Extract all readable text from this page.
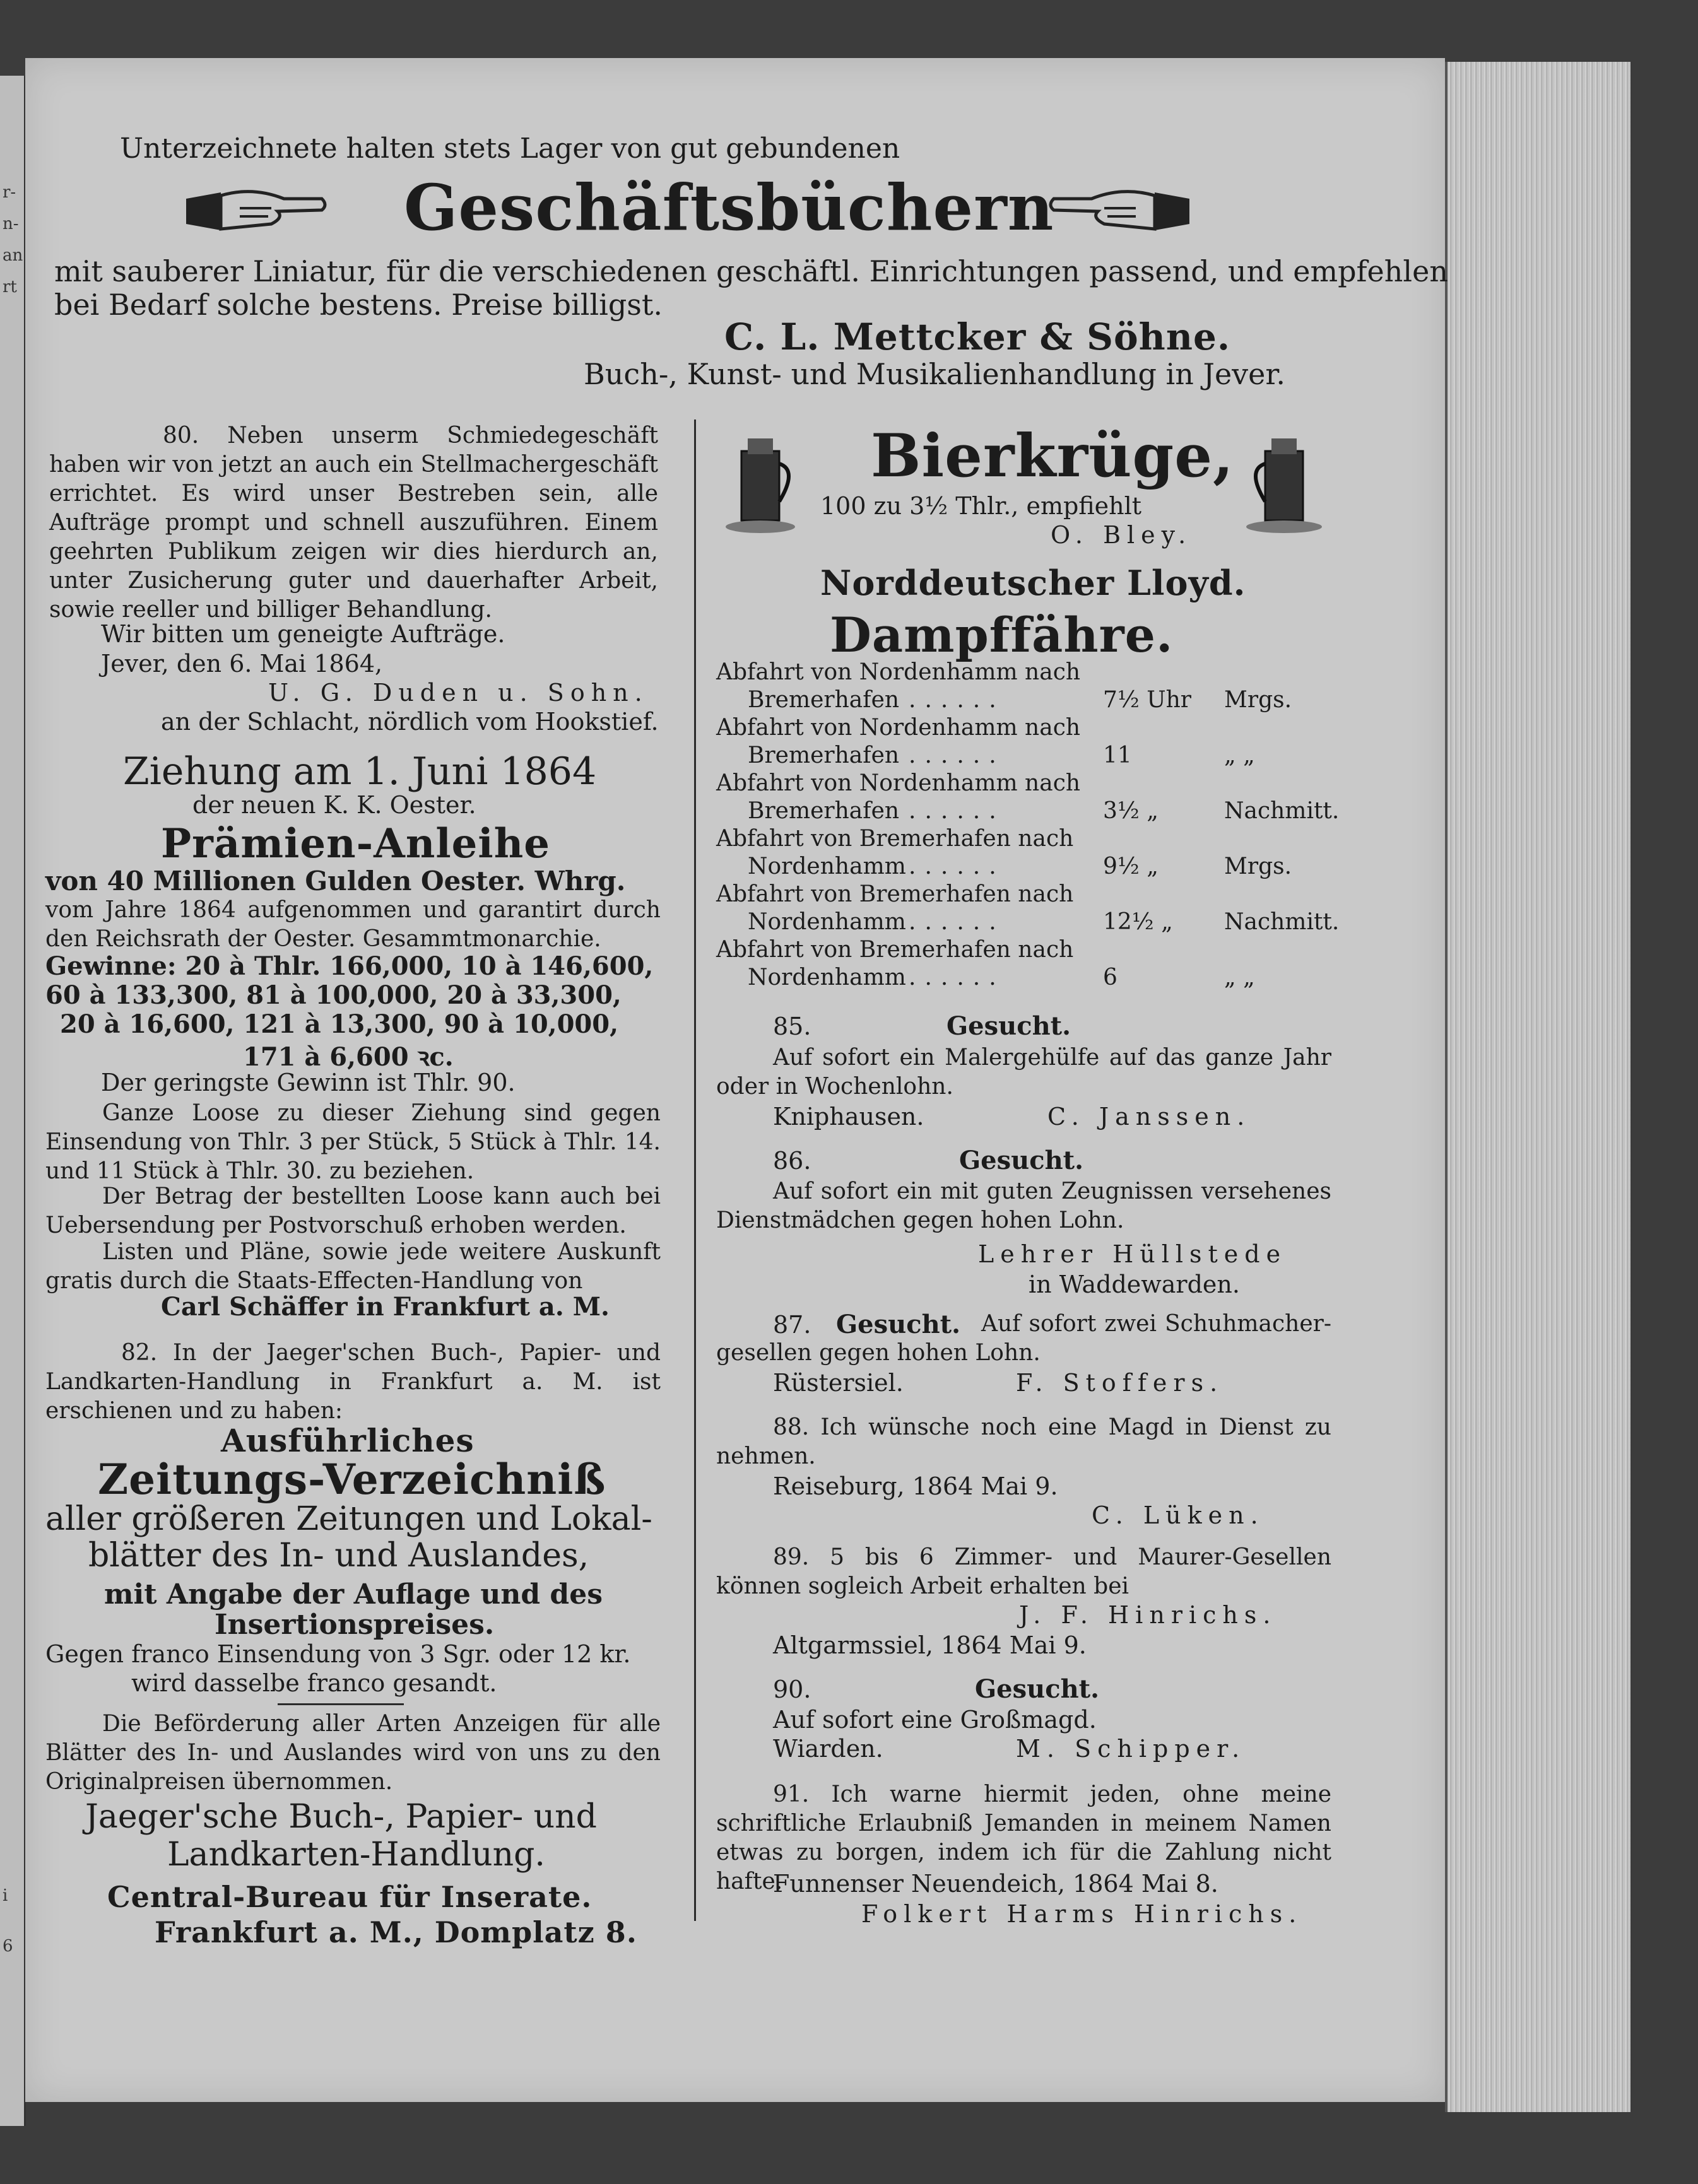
r-
n-
an
rt
i
6
Unterzeichnete halten stets Lager von gut gebundenen
Geschäftsbüchern
mit sauberer Liniatur, für die verschiedenen geschäftl. Einrichtungen passend, und empfehlen
bei Bedarf solche bestens. Preise billigst.
C. L. Mettcker & Söhne.
Buch-, Kunst- und Musikalienhandlung in Jever.
80. Neben unserm Schmiedegeschäft haben wir von jetzt an auch ein Stellmachergeschäft errichtet. Es wird unser Bestreben sein, alle Aufträge prompt und schnell auszuführen. Einem geehrten Publikum zeigen wir dies hierdurch an, unter Zusicherung guter und dauerhafter Arbeit, sowie reeller und billiger Behandlung.
Wir bitten um geneigte Aufträge.
Jever, den 6. Mai 1864,
U. G. Duden u. Sohn.
an der Schlacht, nördlich vom Hookstief.
Ziehung am 1. Juni 1864
der neuen K. K. Oester.
Prämien-Anleihe
von 40 Millionen Gulden Oester. Whrg.
vom Jahre 1864 aufgenommen und garantirt durch den Reichsrath der Oester. Gesammtmonarchie.
Gewinne: 20 à Thlr. 166,000, 10 à 146,600,
60 à 133,300, 81 à 100,000, 20 à 33,300,
20 à 16,600, 121 à 13,300, 90 à 10,000,
171 à 6,600 ꝛc.
Der geringste Gewinn ist Thlr. 90.
Ganze Loose zu dieser Ziehung sind gegen Einsendung von Thlr. 3 per Stück, 5 Stück à Thlr. 14. und 11 Stück à Thlr. 30. zu beziehen.
Der Betrag der bestellten Loose kann auch bei Uebersendung per Postvorschuß erhoben werden.
Listen und Pläne, sowie jede weitere Auskunft gratis durch die Staats-Effecten-Handlung von
Carl Schäffer in Frankfurt a. M.
82. In der Jaeger'schen Buch-, Papier- und Landkarten-Handlung in Frankfurt a. M. ist erschienen und zu haben:
Ausführliches
Zeitungs-Verzeichniß
aller größeren Zeitungen und Lokal-
blätter des In- und Auslandes,
mit Angabe der Auflage und des
Insertionspreises.
Gegen franco Einsendung von 3 Sgr. oder 12 kr.
wird dasselbe franco gesandt.
Die Beförderung aller Arten Anzeigen für alle Blätter des In- und Auslandes wird von uns zu den Originalpreisen übernommen.
Jaeger'sche Buch-, Papier- und
Landkarten-Handlung.
Central-Bureau für Inserate.
Frankfurt a. M., Domplatz 8.
Bierkrüge,
100 zu 3½ Thlr., empfiehlt
O. Bley.
Norddeutscher Lloyd.
Dampffähre.
Abfahrt von Nordenhamm nach
Bremerhafen ......	7½ Uhr Mrgs.
Abfahrt von Nordenhamm nach
Bremerhafen ......	11	„ „
Abfahrt von Nordenhamm nach
Bremerhafen ......	3½ „	Nachmitt.
Abfahrt von Bremerhafen nach
Nordenhamm ......	9½ „	Mrgs.
Abfahrt von Bremerhafen nach
Nordenhamm ......	12½ „ Nachmitt.
Abfahrt von Bremerhafen nach
Nordenhamm ......	6	„ „
85.	Gesucht.
Auf sofort ein Malergehülfe auf das ganze Jahr oder in Wochenlohn.
Kniphausen.	C. Janssen.
86.	Gesucht.
Auf sofort ein mit guten Zeugnissen versehenes Dienstmädchen gegen hohen Lohn.
Lehrer Hüllstede
in Waddewarden.
87. Gesucht. Auf sofort zwei Schuhmacher-gesellen gegen hohen Lohn.
Rüstersiel.	F. Stoffers.
88. Ich wünsche noch eine Magd in Dienst zu nehmen.
Reiseburg, 1864 Mai 9.
C. Lüken.
89. 5 bis 6 Zimmer- und Maurer-Gesellen können sogleich Arbeit erhalten bei
J. F. Hinrichs.
Altgarmssiel, 1864 Mai 9.
90.	Gesucht.
Auf sofort eine Großmagd.
Wiarden.	M. Schipper.
91. Ich warne hiermit jeden, ohne meine schriftliche Erlaubniß Jemanden in meinem Namen etwas zu borgen, indem ich für die Zahlung nicht hafte.
Funnenser Neuendeich, 1864 Mai 8.
Folkert Harms Hinrichs.
